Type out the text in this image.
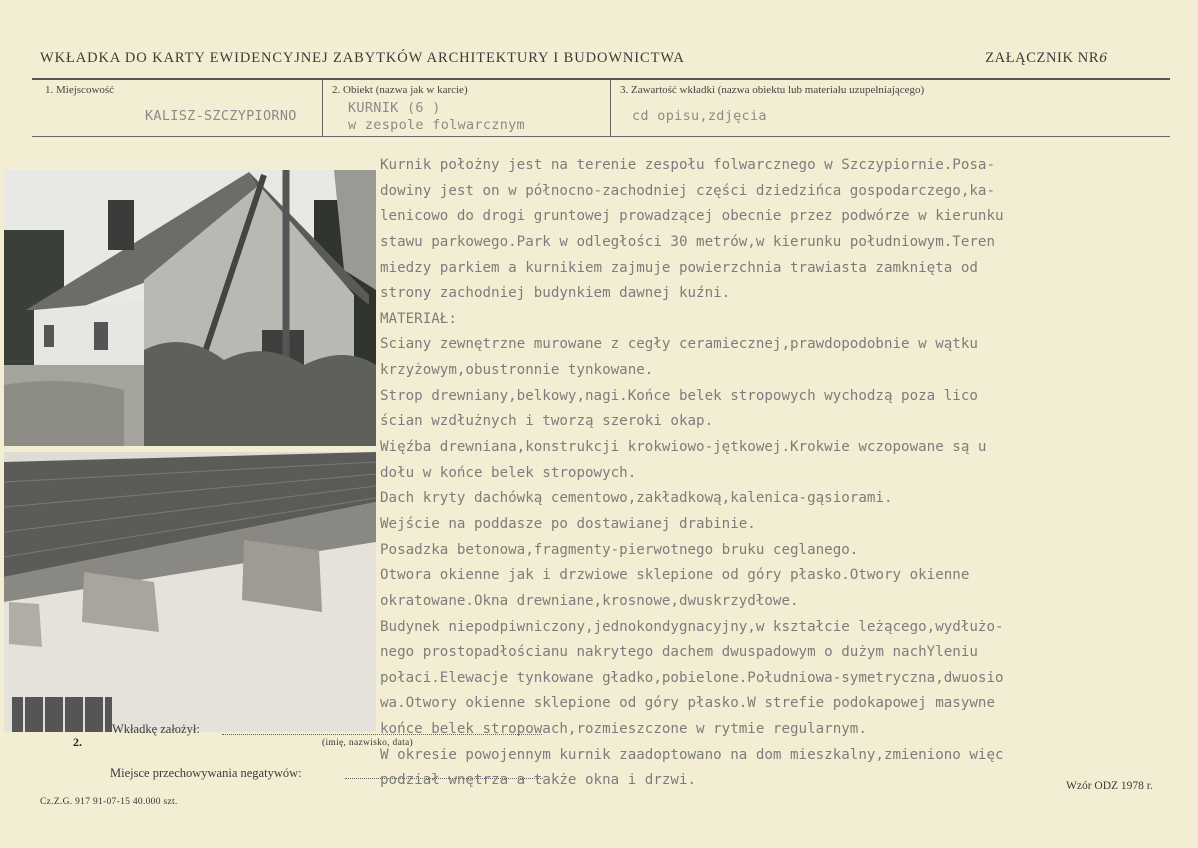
WKŁADKA DO KARTY EWIDENCYJNEJ ZABYTKÓW ARCHITEKTURY I BUDOWNICTWA	ZAŁĄCZNIK NR6
1. Miejscowość
KALISZ-SZCZYPIORNO
2. Obiekt (nazwa jak w karcie)
KURNIK (6 )
w zespole folwarcznym
3. Zawartość wkładki (nazwa obiektu lub materiału uzupełniającego)
cd opisu,zdjęcia
2.
Kurnik położny jest na terenie zespołu folwarcznego w Szczypiornie.Posa-
dowiny jest on w północno-zachodniej części dziedzińca gospodarczego,ka-
lenicowo do drogi gruntowej prowadzącej obecnie przez podwórze w kierunku
stawu parkowego.Park w odległości 30 metrów,w kierunku południowym.Teren
miedzy parkiem a kurnikiem zajmuje powierzchnia trawiasta zamknięta od
strony zachodniej budynkiem dawnej kuźni.
MATERIAŁ:
Sciany zewnętrzne murowane z cegły ceramiecznej,prawdopodobnie w wątku
krzyżowym,obustronnie tynkowane.
Strop drewniany,belkowy,nagi.Końce belek stropowych wychodzą poza lico
ścian wzdłużnych i tworzą szeroki okap.
Więźba drewniana,konstrukcji krokwiowo-jętkowej.Krokwie wczopowane są u
dołu w końce belek stropowych.
Dach kryty dachówką cementowo,zakładkową,kalenica-gąsiorami.
Wejście na poddasze po dostawianej drabinie.
Posadzka betonowa,fragmenty-pierwotnego bruku ceglanego.
Otwora okienne jak i drzwiowe sklepione od góry płasko.Otwory okienne
okratowane.Okna drewniane,krosnowe,dwuskrzydłowe.
Budynek niepodpiwniczony,jednokondygnacyjny,w kształcie leżącego,wydłużo-
nego prostopadłościanu nakrytego dachem dwuspadowym o dużym nachYleniu
połaci.Elewacje tynkowane gładko,pobielone.Południowa-symetryczna,dwuosio
wa.Otwory okienne sklepione od góry płasko.W strefie podokapowej masywne
końce belek stropowach,rozmieszczone w rytmie regularnym.
W okresie powojennym kurnik zaadoptowano na dom mieszkalny,zmieniono więc
podział wnętrza a także okna i drzwi.
Wkładkę założył:
(imię, nazwisko, data)
Miejsce przechowywania negatywów:
Wzór ODZ 1978 r.
Cz.Z.G. 917 91-07-15 40.000 szt.
